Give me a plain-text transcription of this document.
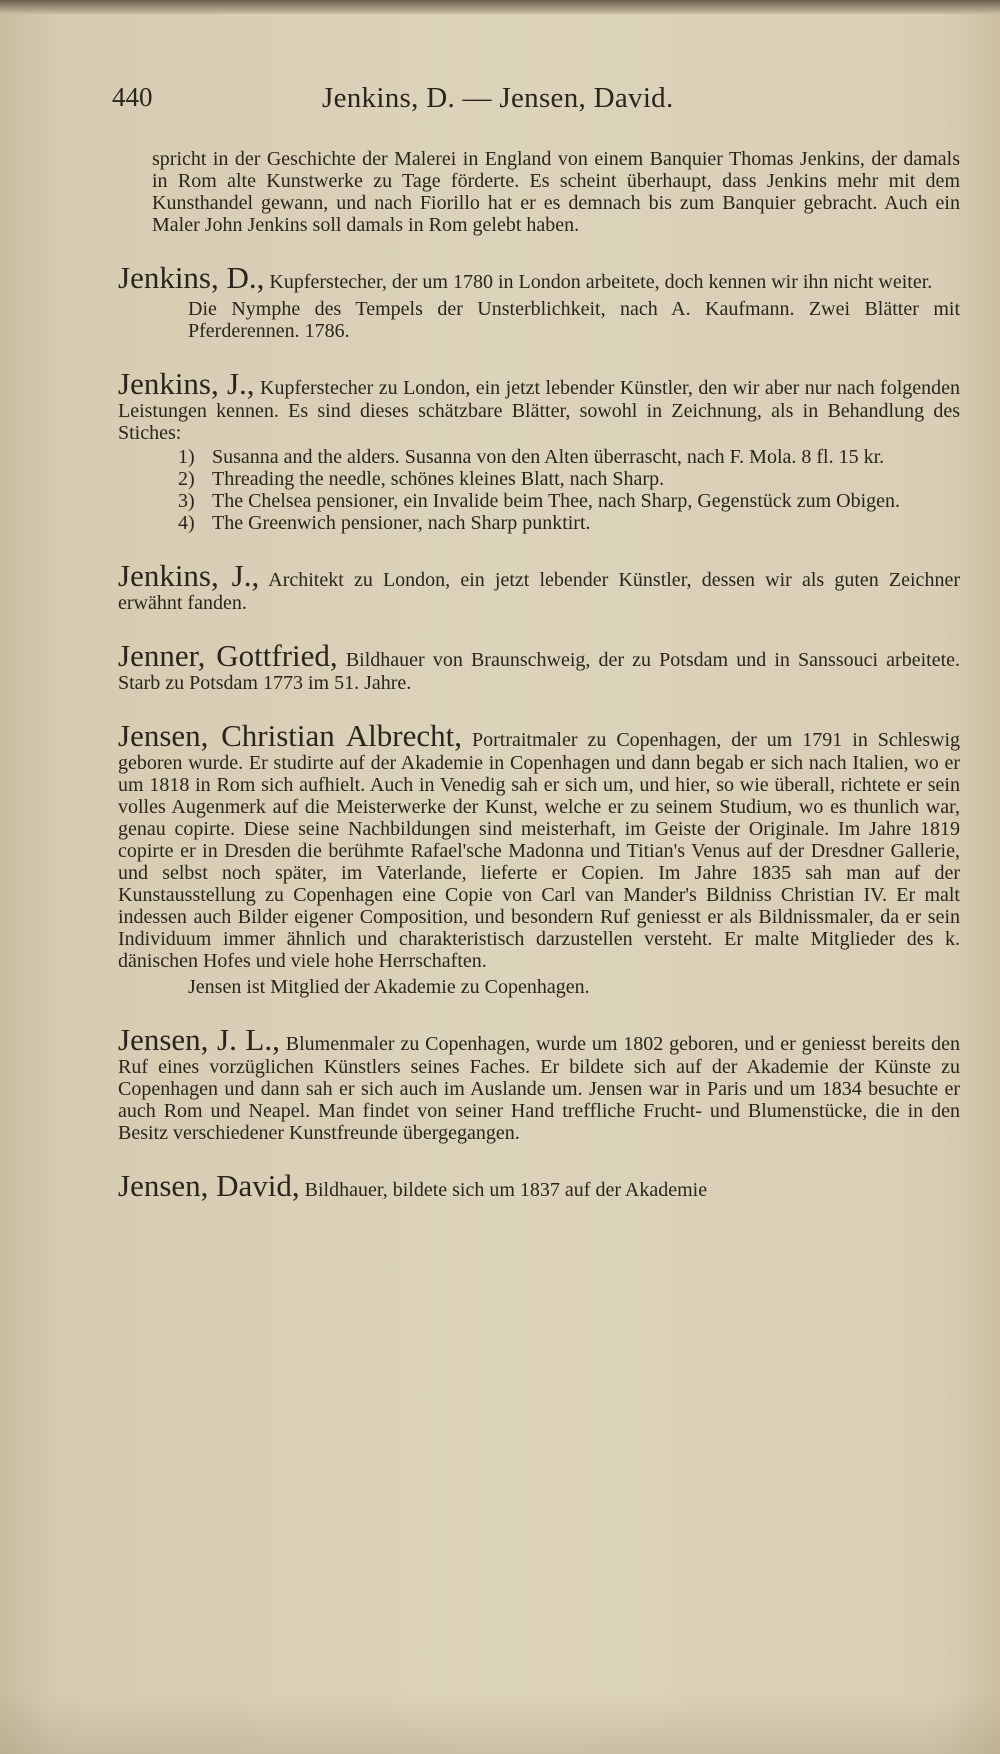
440	Jenkins, D. — Jensen, David.

spricht in der Geschichte der Malerei in England von einem Banquier Thomas Jenkins, der damals in Rom alte Kunstwerke zu Tage förderte. Es scheint überhaupt, dass Jenkins mehr mit dem Kunsthandel gewann, und nach Fiorillo hat er es demnach bis zum Banquier gebracht. Auch ein Maler John Jenkins soll damals in Rom gelebt haben.

Jenkins, D., Kupferstecher, der um 1780 in London arbeitete, doch kennen wir ihn nicht weiter.

Die Nymphe des Tempels der Unsterblichkeit, nach A. Kaufmann. Zwei Blätter mit Pferderennen. 1786.

Jenkins, J., Kupferstecher zu London, ein jetzt lebender Künstler, den wir aber nur nach folgenden Leistungen kennen. Es sind dieses schätzbare Blätter, sowohl in Zeichnung, als in Behandlung des Stiches:

1) Susanna and the alders. Susanna von den Alten überrascht, nach F. Mola. 8 fl. 15 kr.
2) Threading the needle, schönes kleines Blatt, nach Sharp.
3) The Chelsea pensioner, ein Invalide beim Thee, nach Sharp, Gegenstück zum Obigen.
4) The Greenwich pensioner, nach Sharp punktirt.

Jenkins, J., Architekt zu London, ein jetzt lebender Künstler, dessen wir als guten Zeichner erwähnt fanden.

Jenner, Gottfried, Bildhauer von Braunschweig, der zu Potsdam und in Sanssouci arbeitete. Starb zu Potsdam 1773 im 51. Jahre.

Jensen, Christian Albrecht, Portraitmaler zu Copenhagen, der um 1791 in Schleswig geboren wurde. Er studirte auf der Akademie in Copenhagen und dann begab er sich nach Italien, wo er um 1818 in Rom sich aufhielt. Auch in Venedig sah er sich um, und hier, so wie überall, richtete er sein volles Augenmerk auf die Meisterwerke der Kunst, welche er zu seinem Studium, wo es thunlich war, genau copirte. Diese seine Nachbildungen sind meisterhaft, im Geiste der Originale. Im Jahre 1819 copirte er in Dresden die berühmte Rafael'sche Madonna und Titian's Venus auf der Dresdner Gallerie, und selbst noch später, im Vaterlande, lieferte er Copien. Im Jahre 1835 sah man auf der Kunstausstellung zu Copenhagen eine Copie von Carl van Mander's Bildniss Christian IV. Er malt indessen auch Bilder eigener Composition, und besondern Ruf geniesst er als Bildnissmaler, da er sein Individuum immer ähnlich und charakteristisch darzustellen versteht. Er malte Mitglieder des k. dänischen Hofes und viele hohe Herrschaften.

Jensen ist Mitglied der Akademie zu Copenhagen.

Jensen, J. L., Blumenmaler zu Copenhagen, wurde um 1802 geboren, und er geniesst bereits den Ruf eines vorzüglichen Künstlers seines Faches. Er bildete sich auf der Akademie der Künste zu Copenhagen und dann sah er sich auch im Auslande um. Jensen war in Paris und um 1834 besuchte er auch Rom und Neapel. Man findet von seiner Hand treffliche Frucht- und Blumenstücke, die in den Besitz verschiedener Kunstfreunde übergegangen.

Jensen, David, Bildhauer, bildete sich um 1837 auf der Akademie
